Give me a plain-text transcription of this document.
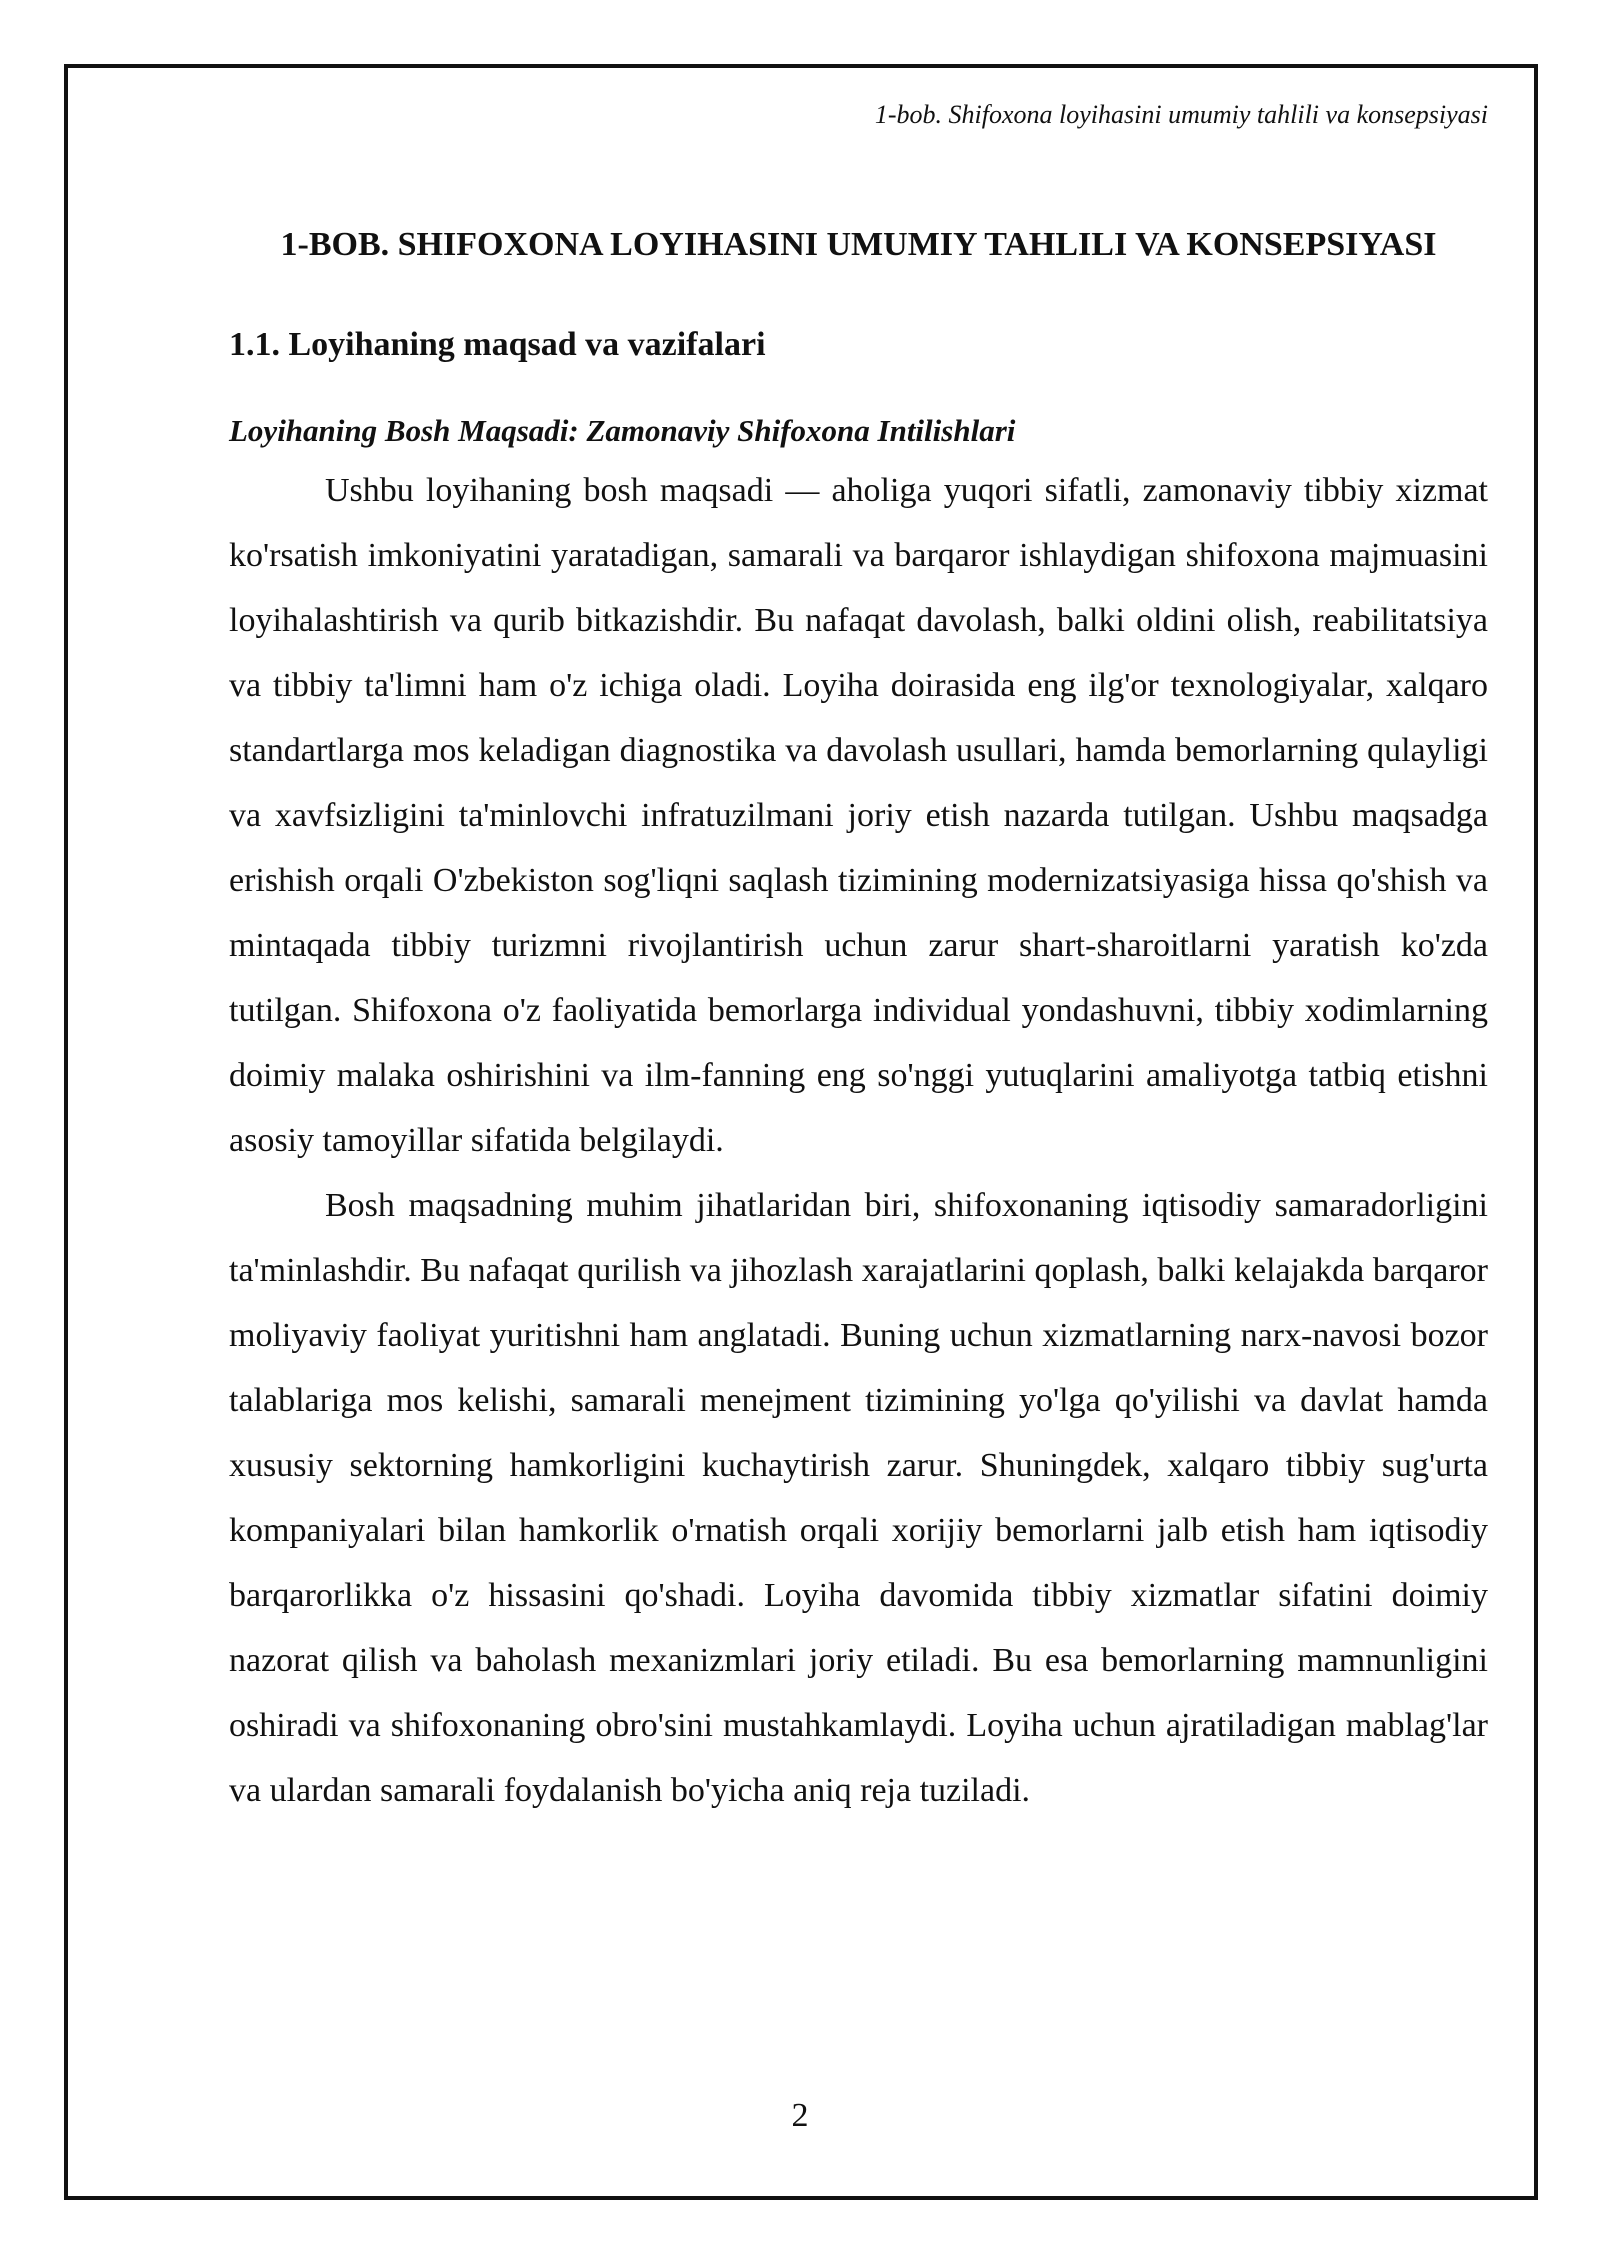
1-bob. Shifoxona loyihasini umumiy tahlili va konsepsiyasi
1-BOB. SHIFOXONA LOYIHASINI UMUMIY TAHLILI VA KONSEPSIYASI
1.1. Loyihaning maqsad va vazifalari
Loyihaning Bosh Maqsadi: Zamonaviy Shifoxona Intilishlari

Ushbu loyihaning bosh maqsadi — aholiga yuqori sifatli, zamonaviy tibbiy xizmat ko'rsatish imkoniyatini yaratadigan, samarali va barqaror ishlaydigan shifoxona majmuasini loyihalashtirish va qurib bitkazishdir. Bu nafaqat davolash, balki oldini olish, reabilitatsiya va tibbiy ta'limni ham o'z ichiga oladi. Loyiha doirasida eng ilg'or texnologiyalar, xalqaro standartlarga mos keladigan diagnostika va davolash usullari, hamda bemorlarning qulayligi va xavfsizligini ta'minlovchi infratuzilmani joriy etish nazarda tutilgan. Ushbu maqsadga erishish orqali O'zbekiston sog'liqni saqlash tizimining modernizatsiyasiga hissa qo'shish va mintaqada tibbiy turizmni rivojlantirish uchun zarur shart-sharoitlarni yaratish ko'zda tutilgan. Shifoxona o'z faoliyatida bemorlarga individual yondashuvni, tibbiy xodimlarning doimiy malaka oshirishini va ilm-fanning eng so'nggi yutuqlarini amaliyotga tatbiq etishni asosiy tamoyillar sifatida belgilaydi.

Bosh maqsadning muhim jihatlaridan biri, shifoxonaning iqtisodiy samaradorligini ta'minlashdir. Bu nafaqat qurilish va jihozlash xarajatlarini qoplash, balki kelajakda barqaror moliyaviy faoliyat yuritishni ham anglatadi. Buning uchun xizmatlarning narx-navosi bozor talablariga mos kelishi, samarali menejment tizimining yo'lga qo'yilishi va davlat hamda xususiy sektorning hamkorligini kuchaytirish zarur. Shuningdek, xalqaro tibbiy sug'urta kompaniyalari bilan hamkorlik o'rnatish orqali xorijiy bemorlarni jalb etish ham iqtisodiy barqarorlikka o'z hissasini qo'shadi. Loyiha davomida tibbiy xizmatlar sifatini doimiy nazorat qilish va baholash mexanizmlari joriy etiladi. Bu esa bemorlarning mamnunligini oshiradi va shifoxonaning obro'sini mustahkamlaydi. Loyiha uchun ajratiladigan mablag'lar va ulardan samarali foydalanish bo'yicha aniq reja tuziladi.

2
